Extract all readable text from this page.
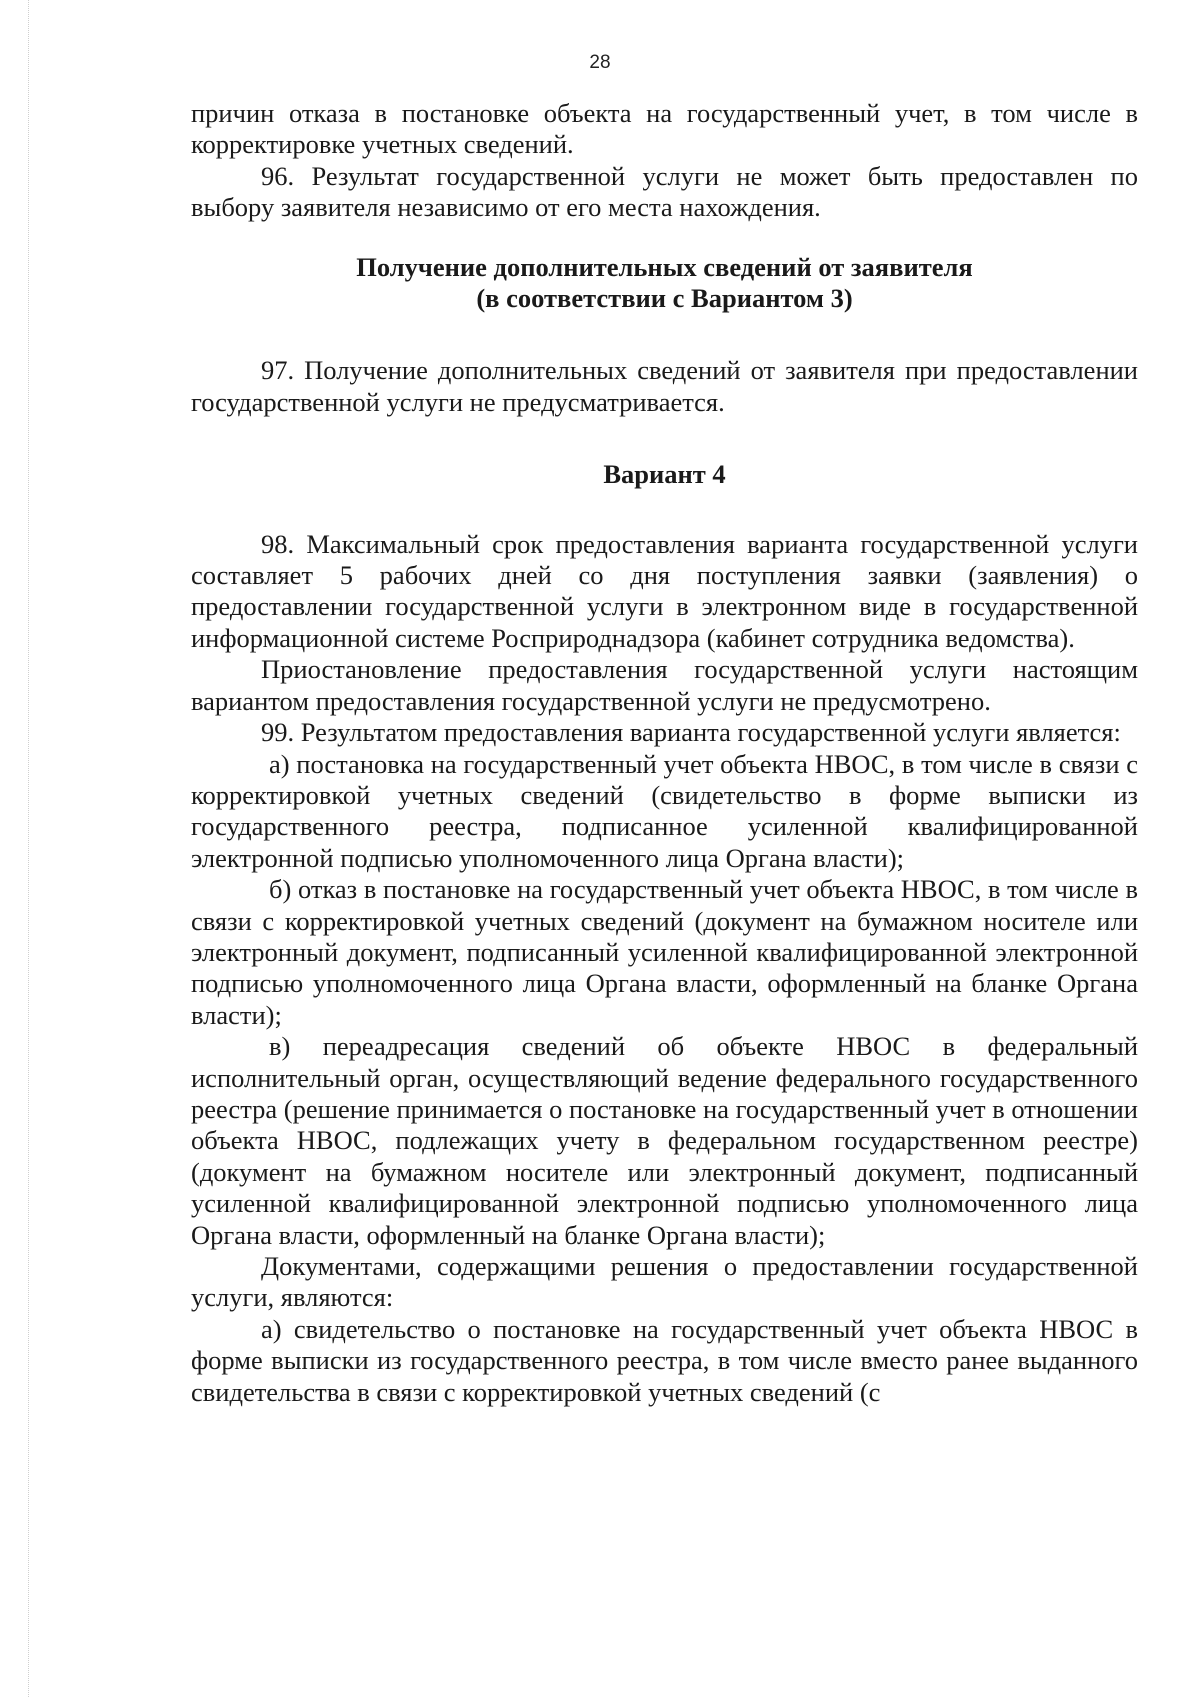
28

причин отказа в постановке объекта на государственный учет, в том числе в корректировке учетных сведений.

96. Результат государственной услуги не может быть предоставлен по выбору заявителя независимо от его места нахождения.

Получение дополнительных сведений от заявителя
(в соответствии с Вариантом 3)

97. Получение дополнительных сведений от заявителя при предоставлении государственной услуги не предусматривается.

Вариант 4

98. Максимальный срок предоставления варианта государственной услуги составляет 5 рабочих дней со дня поступления заявки (заявления) о предоставлении государственной услуги в электронном виде в государственной информационной системе Росприроднадзора (кабинет сотрудника ведомства).

Приостановление предоставления государственной услуги настоящим вариантом предоставления государственной услуги не предусмотрено.

99. Результатом предоставления варианта государственной услуги является:

а) постановка на государственный учет объекта НВОС, в том числе в связи с корректировкой учетных сведений (свидетельство в форме выписки из государственного реестра, подписанное усиленной квалифицированной электронной подписью уполномоченного лица Органа власти);

б) отказ в постановке на государственный учет объекта НВОС, в том числе в связи с корректировкой учетных сведений (документ на бумажном носителе или электронный документ, подписанный усиленной квалифицированной электронной подписью уполномоченного лица Органа власти, оформленный на бланке Органа власти);

в) переадресация сведений об объекте НВОС в федеральный исполнительный орган, осуществляющий ведение федерального государственного реестра (решение принимается о постановке на государственный учет в отношении объекта НВОС, подлежащих учету в федеральном государственном реестре) (документ на бумажном носителе или электронный документ, подписанный усиленной квалифицированной электронной подписью уполномоченного лица Органа власти, оформленный на бланке Органа власти);

Документами, содержащими решения о предоставлении государственной услуги, являются:

а) свидетельство о постановке на государственный учет объекта НВОС в форме выписки из государственного реестра, в том числе вместо ранее выданного свидетельства в связи с корректировкой учетных сведений (с
